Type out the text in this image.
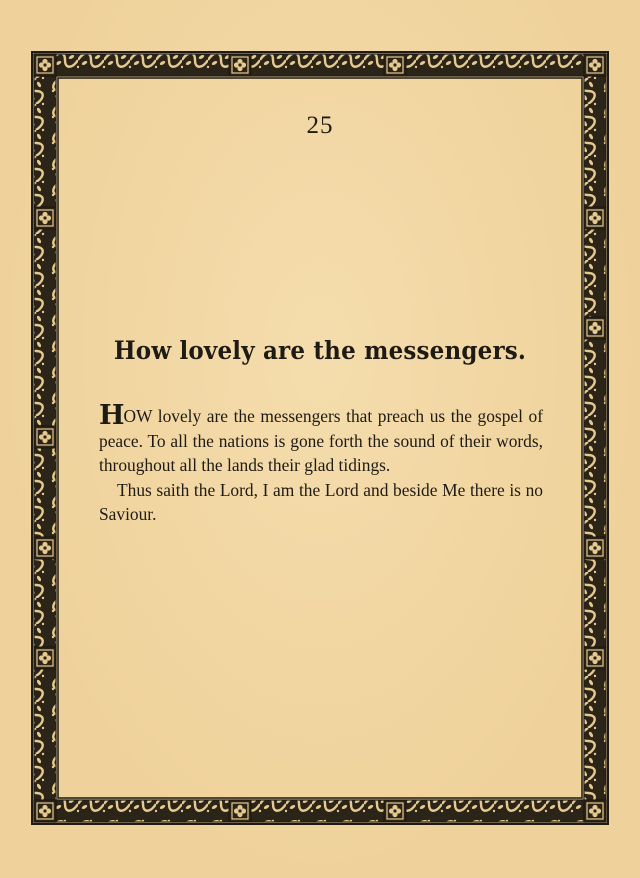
25
How lovely are the messengers.

HOW lovely are the messengers that preach us the gospel of peace. To all the nations is gone forth the sound of their words, throughout all the lands their glad tidings.

Thus saith the Lord, I am the Lord and beside Me there is no Saviour.
